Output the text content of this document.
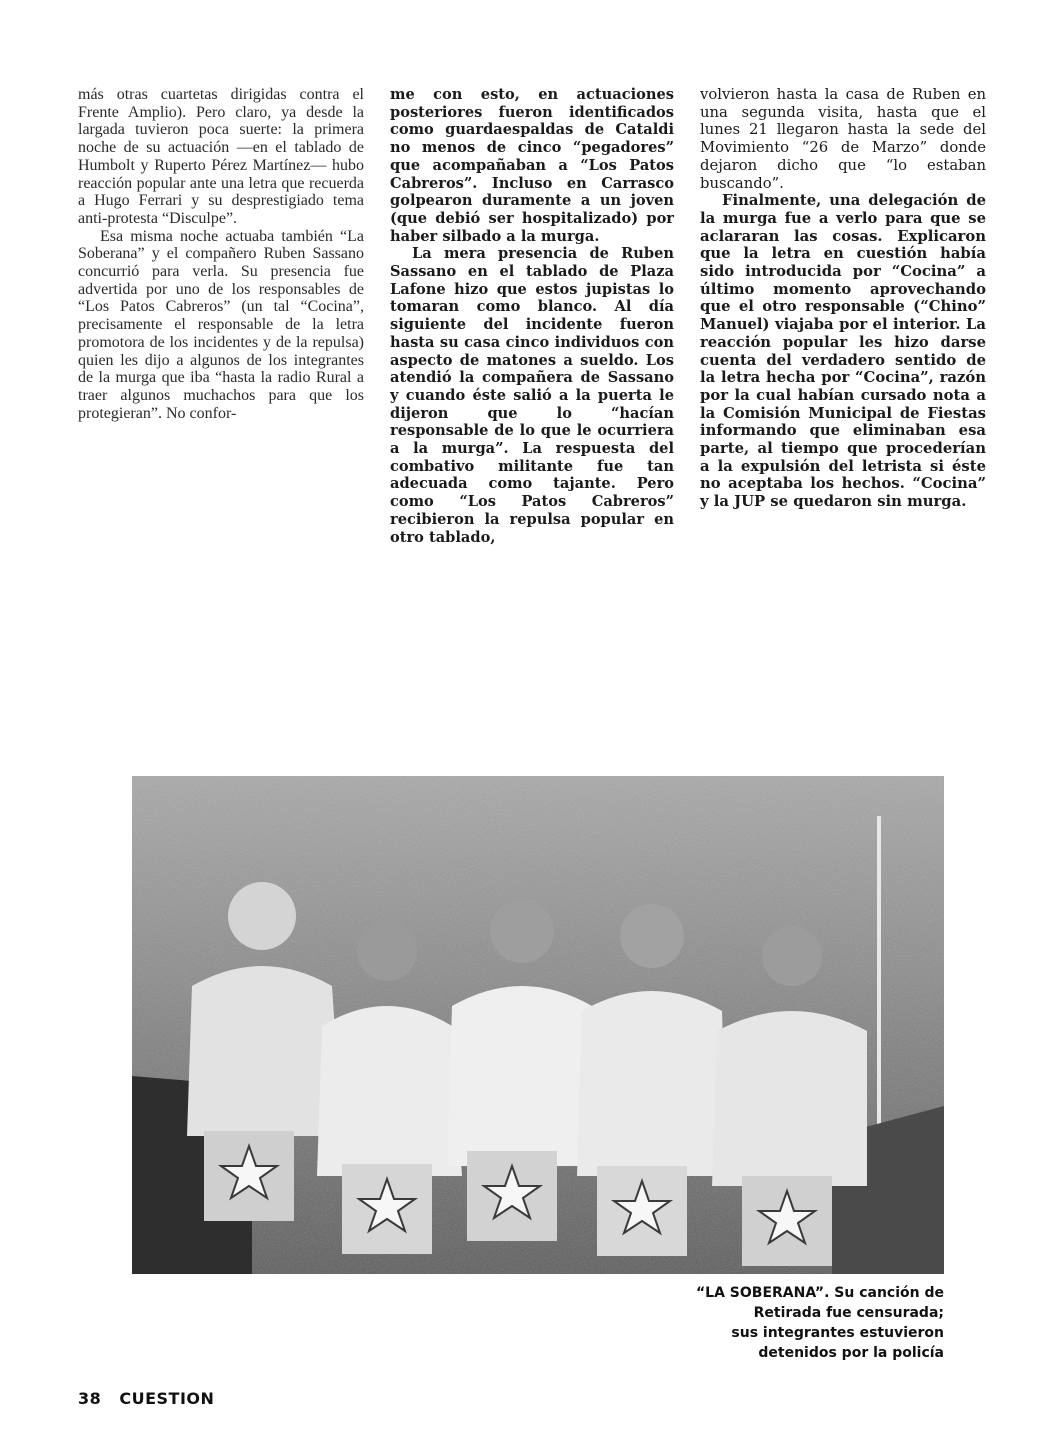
más otras cuartetas dirigidas contra el Frente Amplio). Pero claro, ya desde la largada tuvieron poca suerte: la primera noche de su actuación —en el tablado de Humbolt y Ruperto Pérez Martínez— hubo reacción popular ante una letra que recuerda a Hugo Ferrari y su desprestigiado tema anti-protesta “Disculpe”.

Esa misma noche actuaba también “La Soberana” y el compañero Ruben Sassano concurrió para verla. Su presencia fue advertida por uno de los responsables de “Los Patos Cabreros” (un tal “Cocina”, precisamente el responsable de la letra promotora de los incidentes y de la repulsa) quien les dijo a algunos de los integrantes de la murga que iba “hasta la radio Rural a traer algunos muchachos para que los protegieran”. No confor-

me con esto, en actuaciones posteriores fueron identificados como guardaespaldas de Cataldi no menos de cinco “pegadores” que acompañaban a “Los Patos Cabreros”. Incluso en Carrasco golpearon duramente a un joven (que debió ser hospitalizado) por haber silbado a la murga.

La mera presencia de Ruben Sassano en el tablado de Plaza Lafone hizo que estos jupistas lo tomaran como blanco. Al día siguiente del incidente fueron hasta su casa cinco individuos con aspecto de matones a sueldo. Los atendió la compañera de Sassano y cuando éste salió a la puerta le dijeron que lo “hacían responsable de lo que le ocurriera a la murga”. La respuesta del combativo militante fue tan adecuada como tajante. Pero como “Los Patos Cabreros” recibieron la repulsa popular en otro tablado,

volvieron hasta la casa de Ruben en una segunda visita, hasta que el lunes 21 llegaron hasta la sede del Movimiento “26 de Marzo” donde dejaron dicho que “lo estaban buscando”.

Finalmente, una delegación de la murga fue a verlo para que se aclararan las cosas. Explicaron que la letra en cuestión había sido introducida por “Cocina” a último momento aprovechando que el otro responsable (“Chino” Manuel) viajaba por el interior. La reacción popular les hizo darse cuenta del verdadero sentido de la letra hecha por “Cocina”, razón por la cual habían cursado nota a la Comisión Municipal de Fiestas informando que eliminaban esa parte, al tiempo que procederían a la expulsión del letrista si éste no aceptaba los hechos. “Cocina” y la JUP se quedaron sin murga.

“LA SOBERANA”. Su canción de
Retirada fue censurada;
sus integrantes estuvieron
detenidos por la policía
38 CUESTION
